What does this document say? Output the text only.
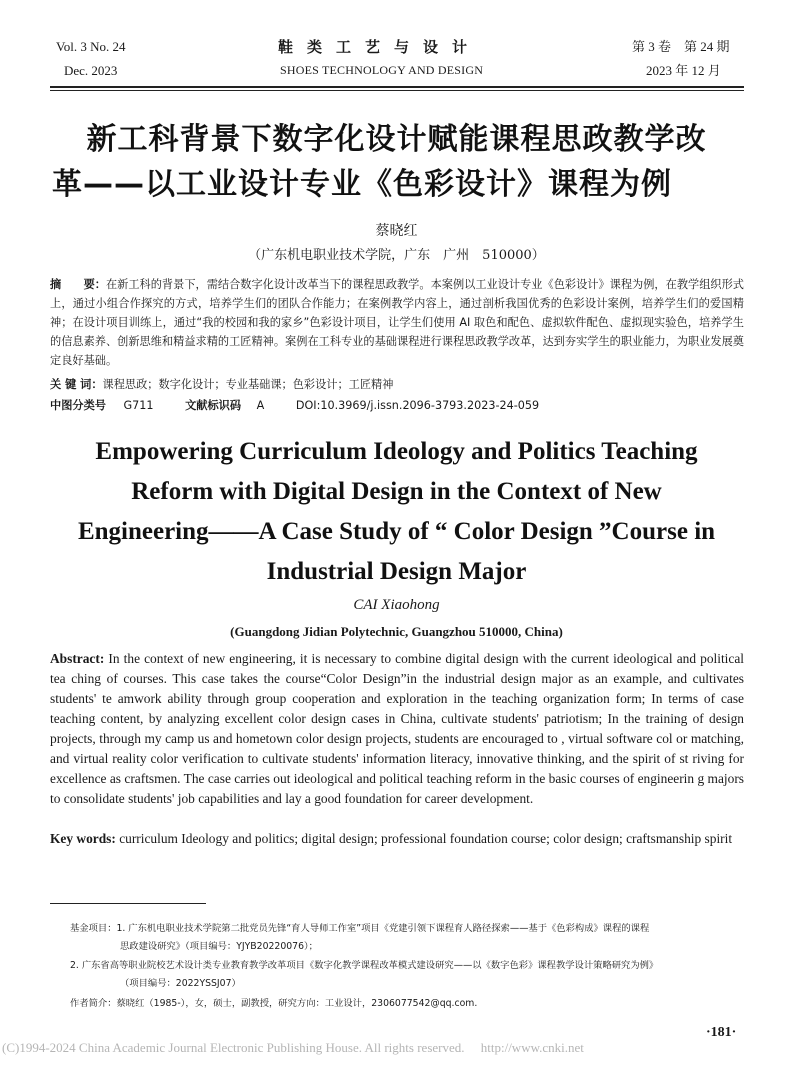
Vol. 3 No. 24
Dec. 2023
鞋类工艺与设计
SHOES TECHNOLOGY AND DESIGN
第 3 卷　第 24 期
2023 年 12 月
新工科背景下数字化设计赋能课程思政教学改
革——以工业设计专业《色彩设计》课程为例
蔡晓红
（广东机电职业技术学院，广东　广州　510000）
摘　　要：在新工科的背景下，需结合数字化设计改革当下的课程思政教学。本案例以工业设计专业《色彩设计》课程为例，在教学组织形式上，通过小组合作探究的方式，培养学生们的团队合作能力；在案例教学内容上，通过剖析我国优秀的色彩设计案例，培养学生们的爱国精神；在设计项目训练上，通过“我的校园和我的家乡”色彩设计项目，让学生们使用 AI 取色和配色、虚拟软件配色、虚拟现实验色，培养学生的信息素养、创新思维和精益求精的工匠精神。案例在工科专业的基础课程进行课程思政教学改革，达到夯实学生的职业能力，为职业发展奠定良好基础。
关 键 词：课程思政；数字化设计；专业基础课；色彩设计；工匠精神
中图分类号 G711	文献标识码 A	DOI:10.3969/j.issn.2096-3793.2023-24-059
Empowering Curriculum Ideology and Politics Teaching
Reform with Digital Design in the Context of New
Engineering——A Case Study of “ Color Design ”Course in
Industrial Design Major
CAI Xiaohong
(Guangdong Jidian Polytechnic, Guangzhou 510000, China)
Abstract: In the context of new engineering, it is necessary to combine digital design with the current ideological and political tea ching of courses. This case takes the course“Color Design”in the industrial design major as an example, and cultivates students' te amwork ability through group cooperation and exploration in the teaching organization form; In terms of case teaching content, by analyzing excellent color design cases in China, cultivate students' patriotism; In the training of design projects, through my camp us and hometown color design projects, students are encouraged to , virtual software col or matching, and virtual reality color verification to cultivate students' information literacy, innovative thinking, and the spirit of st riving for excellence as craftsmen. The case carries out ideological and political teaching reform in the basic courses of engineerin g majors to consolidate students' job capabilities and lay a good foundation for career development.
Key words: curriculum Ideology and politics; digital design; professional foundation course; color design; craftsmanship spirit
基金项目：1. 广东机电职业技术学院第二批党员先锋“育人导师工作室”项目《党建引领下课程育人路径探索——基于《色彩构成》课程的课程
思政建设研究》（项目编号：YJYB20220076）；
2. 广东省高等职业院校艺术设计类专业教育教学改革项目《数字化教学课程改革模式建设研究——以《数字色彩》课程教学设计策略研究为例》
（项目编号：2022YSSJ07）
作者简介：蔡晓红（1985-），女，硕士，副教授，研究方向：工业设计，2306077542@qq.com.
·181·
(C)1994-2024 China Academic Journal Electronic Publishing House. All rights reserved.　 http://www.cnki.net
